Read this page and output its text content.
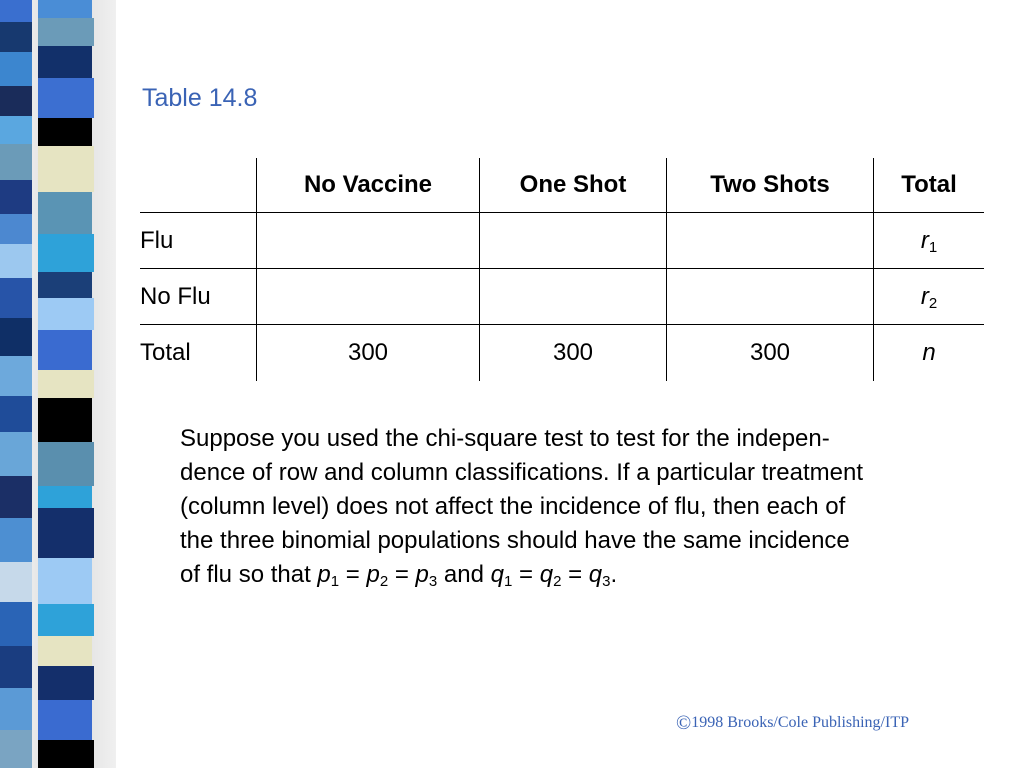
Table 14.8
	No Vaccine	One Shot	Two Shots	Total
Flu				$r_1$
No Flu				$r_2$
Total	300	300	300	n

Suppose you used the chi-square test to test for the indepen-

dence of row and column classifications. If a particular treatment

(column level) does not affect the incidence of flu, then each of

the three binomial populations should have the same incidence

of flu so that $p_1 = p_2 = p_3$ and $q_1 = q_2 = q_3$.

©1998 Brooks/Cole Publishing/ITP
